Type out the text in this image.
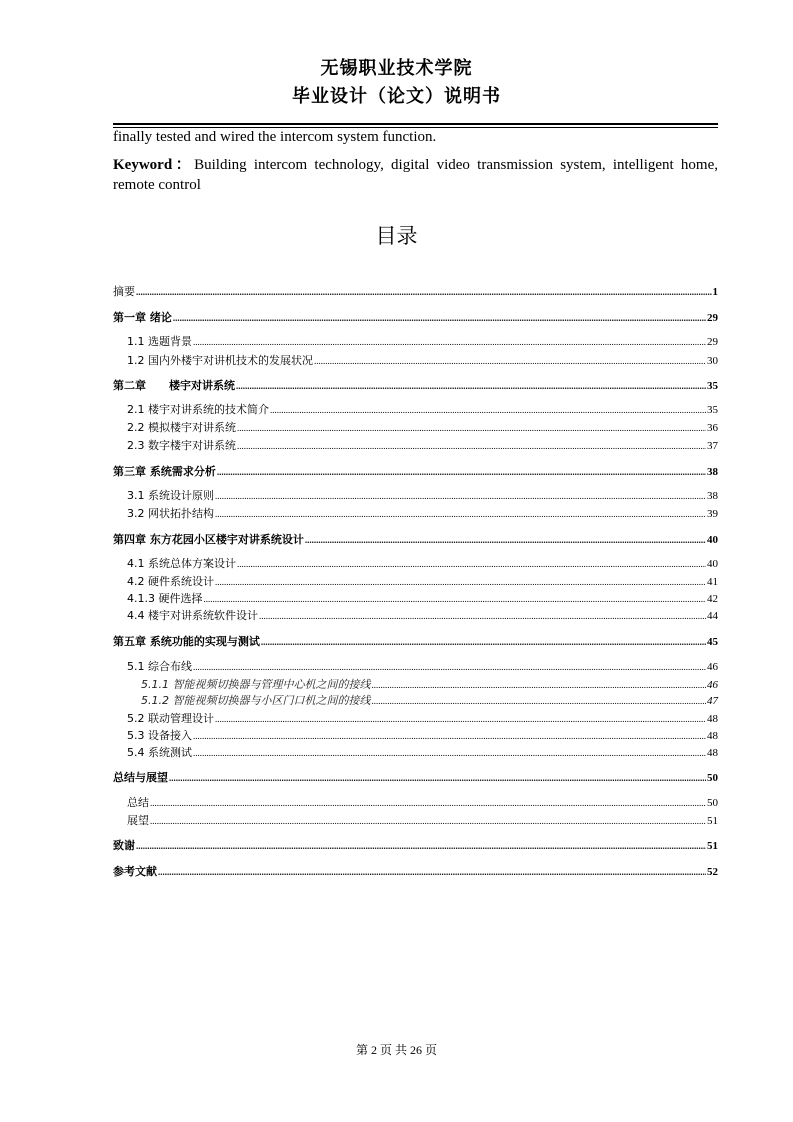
无锡职业技术学院
毕业设计（论文）说明书

finally tested and wired the intercom system function.

Keyword：Building intercom technology, digital video transmission system, intelligent home, remote control

目录
摘要 .....	1
第一章 绪论 .....	29
1.1 选题背景 .....	29
1.2 国内外楼宇对讲机技术的发展状况 .....	30
第二章      楼宇对讲系统 .....	35
2.1 楼宇对讲系统的技术简介 .....	35
2.2 模拟楼宇对讲系统 .....	36
2.3 数字楼宇对讲系统 .....	37
第三章 系统需求分析 .....	38
3.1 系统设计原则 .....	38
3.2 网状拓扑结构 .....	39
第四章 东方花园小区楼宇对讲系统设计 .....	40
4.1 系统总体方案设计 .....	40
4.2 硬件系统设计 .....	41
4.1.3 硬件选择 .....	42
4.4 楼宇对讲系统软件设计 .....	44
第五章 系统功能的实现与测试 .....	45
5.1 综合布线 .....	46
5.1.1 智能视频切换器与管理中心机之间的接线 .....	46
5.1.2 智能视频切换器与小区门口机之间的接线 .....	47
5.2 联动管理设计 .....	48
5.3 设备接入 .....	48
5.4 系统测试 .....	48
总结与展望 .....	50
总结 .....	50
展望 .....	51
致谢 .....	51
参考文献 .....	52
第 2 页 共 26 页
